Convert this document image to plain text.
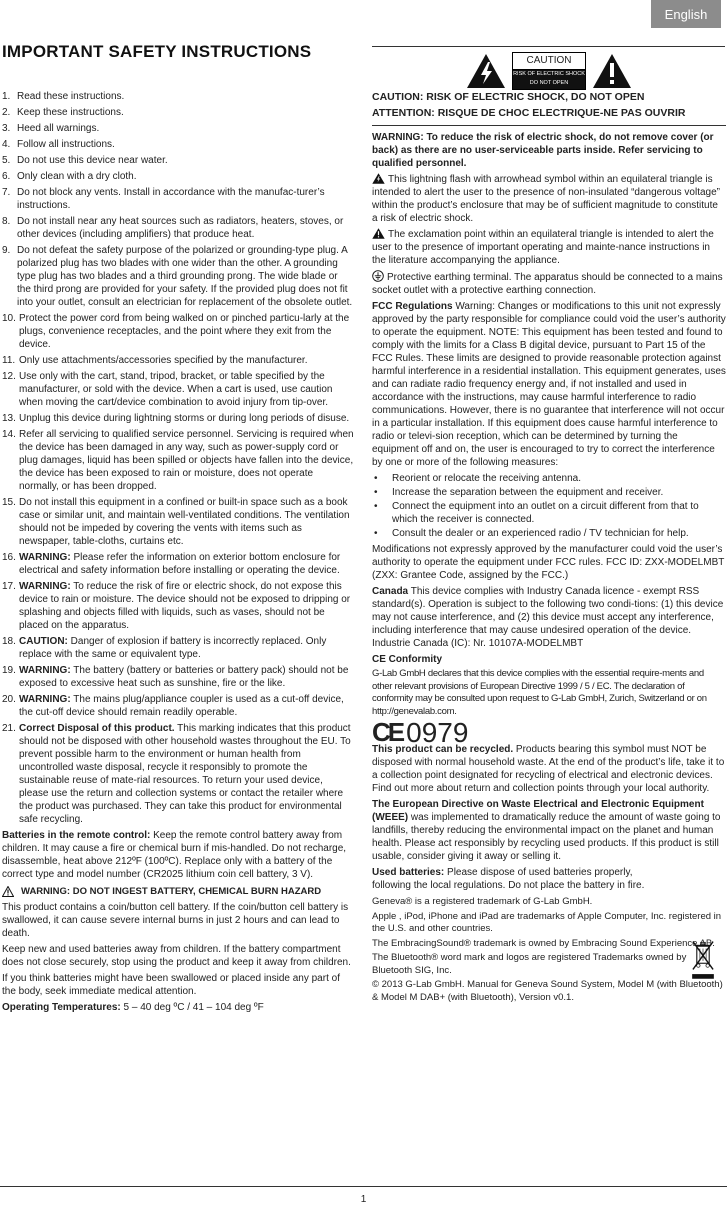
English
IMPORTANT SAFETY INSTRUCTIONS
1. Read these instructions.
2. Keep these instructions.
3. Heed all warnings.
4. Follow all instructions.
5. Do not use this device near water.
6. Only clean with a dry cloth.
7. Do not block any vents. Install in accordance with the manufac-turer’s instructions.
8. Do not install near any heat sources such as radiators, heaters, stoves, or other devices (including amplifiers) that produce heat.
9. Do not defeat the safety purpose of the polarized or grounding-type plug. A polarized plug has two blades with one wider than the other. A grounding type plug has two blades and a third grounding prong. The wide blade or the third prong are provided for your safety. If the provided plug does not fit into your outlet, consult an electrician for replacement of the obsolete outlet.
10. Protect the power cord from being walked on or pinched particu-larly at the plugs, convenience receptacles, and the point where they exit from the device.
11. Only use attachments/accessories specified by the manufacturer.
12. Use only with the cart, stand, tripod, bracket, or table specified by the manufacturer, or sold with the device. When a cart is used, use caution when moving the cart/device combination to avoid injury from tip-over.
13. Unplug this device during lightning storms or during long periods of disuse.
14. Refer all servicing to qualified service personnel. Servicing is required when the device has been damaged in any way, such as power-supply cord or plug damages, liquid has been spilled or objects have fallen into the device, the device has been exposed to rain or moisture, does not operate normally, or has been dropped.
15. Do not install this equipment in a confined or built-in space such as a book case or similar unit, and maintain well-ventilated conditions. The ventilation should not be impeded by covering the vents with items such as newspaper, table-cloths, curtains etc.
16. WARNING: Please refer the information on exterior bottom enclosure for electrical and safety information before installing or operating the device.
17. WARNING: To reduce the risk of fire or electric shock, do not expose this device to rain or moisture. The device should not be exposed to dripping or splashing and objects filled with liquids, such as vases, should not be placed on the apparatus.
18. CAUTION: Danger of explosion if battery is incorrectly replaced. Only replace with the same or equivalent type.
19. WARNING: The battery (battery or batteries or battery pack) should not be exposed to excessive heat such as sunshine, fire or the like.
20. WARNING: The mains plug/appliance coupler is used as a cut-off device, the cut-off device should remain readily operable.
21. Correct Disposal of this product. This marking indicates that this product should not be disposed with other household wastes throughout the EU. To prevent possible harm to the environment or human health from uncontrolled waste disposal, recycle it responsibly to promote the sustainable reuse of mate-rial resources. To return your used device, please use the return and collection systems or contact the retailer where the product was purchased. They can take this product for environmental safe recycling.

Batteries in the remote control: Keep the remote control battery away from children. It may cause a fire or chemical burn if mis-handled. Do not recharge, disassemble, heat above 212ºF (100ºC). Replace only with a battery of the correct type and model number (CR2025 lithium coin cell battery, 3 V).

WARNING: DO NOT INGEST BATTERY, CHEMICAL BURN HAZARD

This product contains a coin/button cell battery. If the coin/button cell battery is swallowed, it can cause severe internal burns in just 2 hours and can lead to death.

Keep new and used batteries away from children. If the battery compartment does not close securely, stop using the product and keep it away from children.

If you think batteries might have been swallowed or placed inside any part of the body, seek immediate medical attention.

Operating Temperatures: 5 – 40 deg ºC / 41 – 104 deg ºF

CAUTION
RISK OF ELECTRIC SHOCK DO NOT OPEN

CAUTION: RISK OF ELECTRIC SHOCK, DO NOT OPEN

ATTENTION: RISQUE DE CHOC ELECTRIQUE-NE PAS OUVRIR

WARNING: To reduce the risk of electric shock, do not remove cover (or back) as there are no user-serviceable parts inside. Refer servicing to qualified personnel.

This lightning flash with arrowhead symbol within an equilateral triangle is intended to alert the user to the presence of non-insulated “dangerous voltage” within the product’s enclosure that may be of sufficient magnitude to constitute a risk of electric shock.

The exclamation point within an equilateral triangle is intended to alert the user to the presence of important operating and mainte-nance instructions in the literature accompanying the appliance.

Protective earthing terminal. The apparatus should be connected to a mains socket outlet with a protective earthing connection.

FCC Regulations Warning: Changes or modifications to this unit not expressly approved by the party responsible for compliance could void the user’s authority to operate the equipment. NOTE: This equipment has been tested and found to comply with the limits for a Class B digital device, pursuant to Part 15 of the FCC Rules. These limits are designed to provide reasonable protection against harmful interference in a residential installation. This equipment generates, uses and can radiate radio frequency energy and, if not installed and used in accordance with the instructions, may cause harmful interference to radio communications. However, there is no guarantee that interference will not occur in a particular installation. If this equipment does cause harmful interference to radio or televi-sion reception, which can be determined by turning the equipment off and on, the user is encouraged to try to correct the interference by one or more of the following measures:

• Reorient or relocate the receiving antenna.
• Increase the separation between the equipment and receiver.
• Connect the equipment into an outlet on a circuit different from that to which the receiver is connected.
• Consult the dealer or an experienced radio / TV technician for help.

Modifications not expressly approved by the manufacturer could void the user’s authority to operate the equipment under FCC rules. FCC ID: ZXX-MODELMBT (ZXX: Grantee Code, assigned by the FCC.)

Canada This device complies with Industry Canada licence - exempt RSS standard(s). Operation is subject to the following two condi-tions: (1) this device may not cause interference, and (2) this device must accept any interference, including interference that may cause undesired operation of the device.
Industrie Canada (IC): Nr. 10107A-MODELMBT

CE Conformity

G-Lab GmbH declares that this device complies with the essential require-ments and other relevant provisions of European Directive 1999 / 5 / EC. The declaration of conformity may be consulted upon request to G-Lab GmbH, Zurich, Switzerland or on http://genevalab.com.

CE 0979

This product can be recycled. Products bearing this symbol must NOT be disposed with normal household waste. At the end of the product’s life, take it to a collection point designated for recycling of electrical and electronic devices. Find out more about return and collection points through your local authority.

The European Directive on Waste Electrical and Electronic Equipment (WEEE) was implemented to dramatically reduce the amount of waste going to landfills, thereby reducing the environmental impact on the planet and human health. Please act responsibly by recycling used products. If this product is still usable, consider giving it away or selling it.

Used batteries: Please dispose of used batteries properly, following the local regulations. Do not place the battery in fire.

Geneva® is a registered trademark of G-Lab GmbH.
Apple , iPod, iPhone and iPad are trademarks of Apple Computer, Inc. registered in the U.S. and other countries.
The EmbracingSound® trademark is owned by Embracing Sound Experience AB.
The Bluetooth® word mark and logos are registered Trademarks owned by Bluetooth SIG, Inc.
© 2013 G-Lab GmbH. Manual for Geneva Sound System, Model M (with Bluetooth) & Model M DAB+ (with Bluetooth), Version v0.1.
1
